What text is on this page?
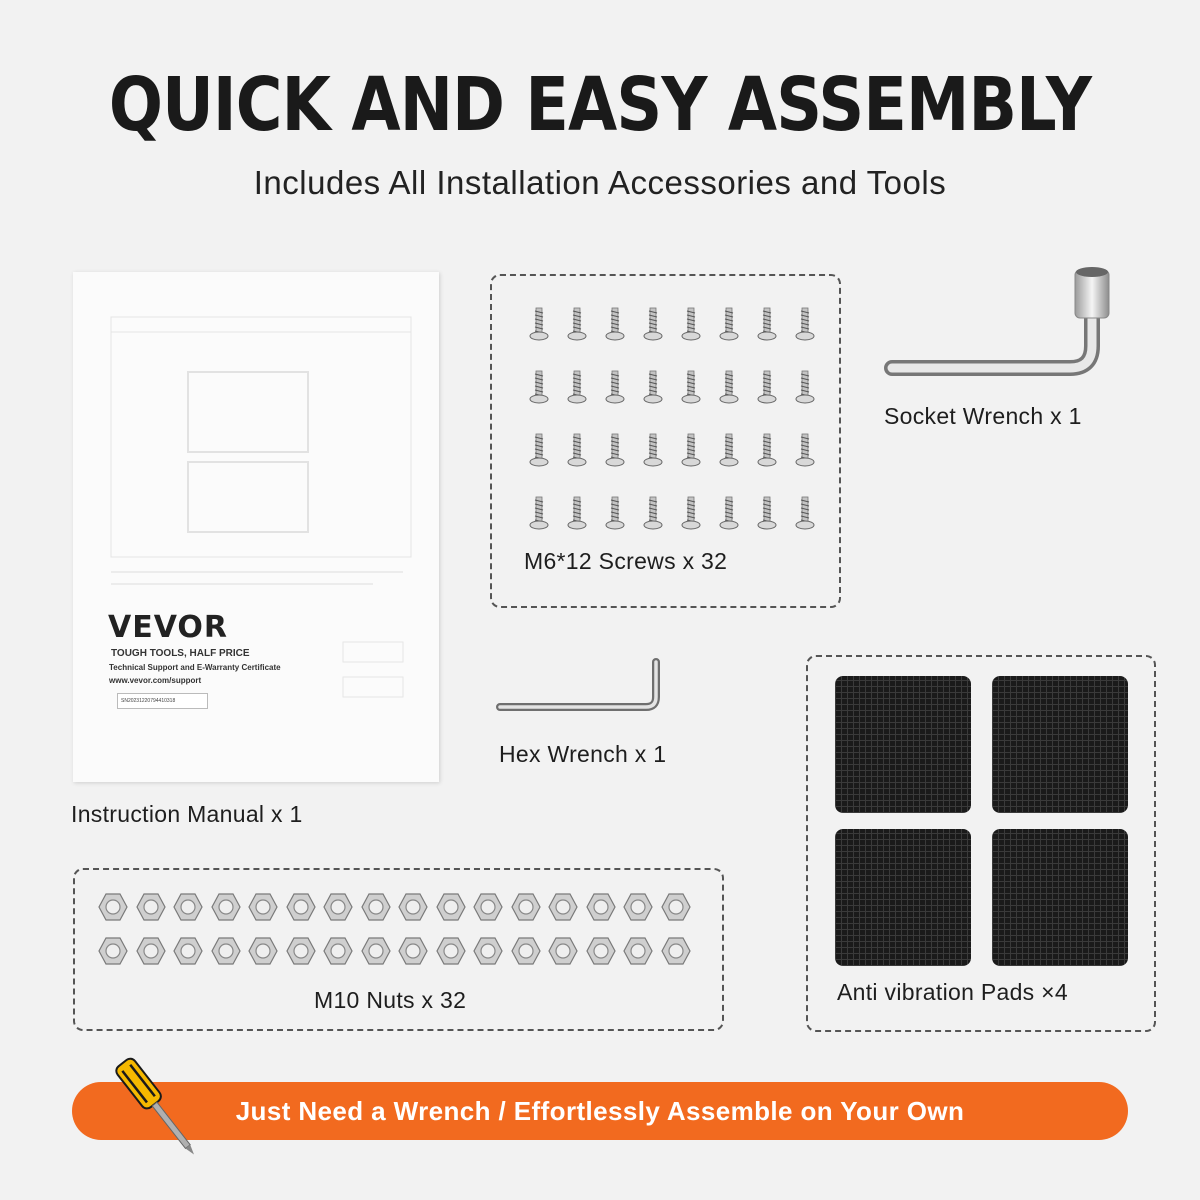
QUICK AND EASY ASSEMBLY
Includes All Installation Accessories and Tools
VEVOR
TOUGH TOOLS, HALF PRICE
Technical Support and E-Warranty Certificate
www.vevor.com/support
SN20231220794410318
Instruction Manual x 1
M6*12 Screws x 32
Socket Wrench x 1
Hex Wrench x 1
Anti vibration Pads ×4
M10 Nuts x 32
Just Need a Wrench / Effortlessly Assemble on Your Own
